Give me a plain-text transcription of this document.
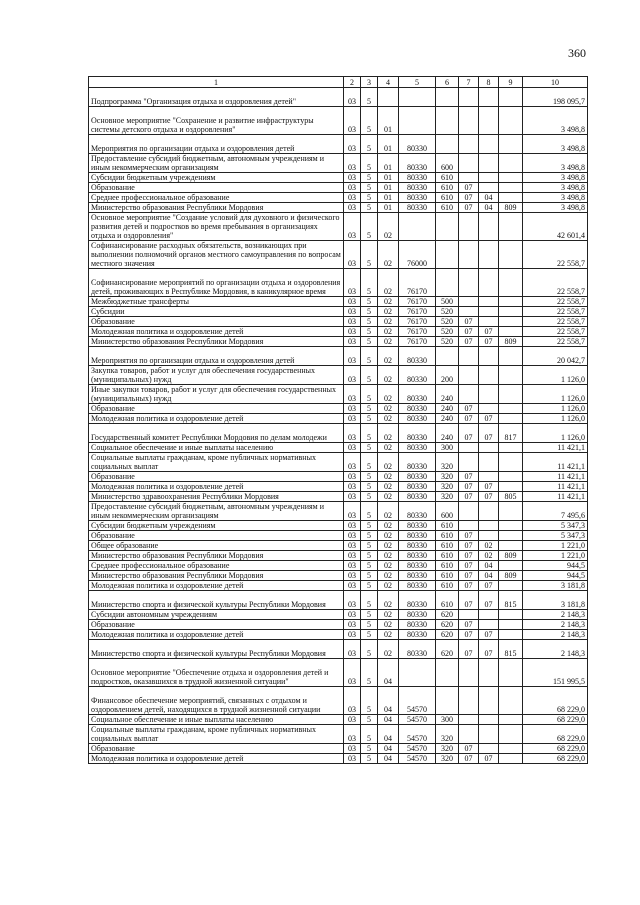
360
1	2	3	4	5	6	7	8	9	10
Подпрограмма "Организация отдыха и оздоровления детей"	03	5							198 095,7
Основное мероприятие "Сохранение и развитие инфраструктуры системы детского отдыха и оздоровления"	03	5	01						3 498,8
Мероприятия по организации отдыха и оздоровления детей	03	5	01	80330					3 498,8
Предоставление субсидий бюджетным, автономным учреждениям и иным некоммерческим организациям	03	5	01	80330	600				3 498,8
Субсидии бюджетным учреждениям	03	5	01	80330	610				3 498,8
Образование	03	5	01	80330	610	07			3 498,8
Среднее профессиональное образование	03	5	01	80330	610	07	04		3 498,8
Министерство образования Республики Мордовия	03	5	01	80330	610	07	04	809	3 498,8
Основное мероприятие "Создание условий для духовного и физического развития детей и подростков во время пребывания в организациях отдыха и оздоровления"	03	5	02						42 601,4
Софинансирование расходных обязательств, возникающих при выполнении полномочий органов местного самоуправления по вопросам местного значения	03	5	02	76000					22 558,7
Софинансирование мероприятий по организации отдыха и оздоровления детей, проживающих в Республике Мордовия, в каникулярное время	03	5	02	76170					22 558,7
Межбюджетные трансферты	03	5	02	76170	500				22 558,7
Субсидии	03	5	02	76170	520				22 558,7
Образование	03	5	02	76170	520	07			22 558,7
Молодежная политика и оздоровление детей	03	5	02	76170	520	07	07		22 558,7
Министерство образования Республики Мордовия	03	5	02	76170	520	07	07	809	22 558,7
Мероприятия по организации отдыха и оздоровления детей	03	5	02	80330					20 042,7
Закупка товаров, работ и услуг для обеспечения государственных (муниципальных) нужд	03	5	02	80330	200				1 126,0
Иные закупки товаров, работ и услуг для обеспечения государственных (муниципальных) нужд	03	5	02	80330	240				1 126,0
Образование	03	5	02	80330	240	07			1 126,0
Молодежная политика и оздоровление детей	03	5	02	80330	240	07	07		1 126,0
Государственный комитет Республики Мордовия по делам молодежи	03	5	02	80330	240	07	07	817	1 126,0
Социальное обеспечение и иные выплаты населению	03	5	02	80330	300				11 421,1
Социальные выплаты гражданам, кроме публичных нормативных социальных выплат	03	5	02	80330	320				11 421,1
Образование	03	5	02	80330	320	07			11 421,1
Молодежная политика и оздоровление детей	03	5	02	80330	320	07	07		11 421,1
Министерство здравоохранения Республики Мордовия	03	5	02	80330	320	07	07	805	11 421,1
Предоставление субсидий бюджетным, автономным учреждениям и иным некоммерческим организациям	03	5	02	80330	600				7 495,6
Субсидии бюджетным учреждениям	03	5	02	80330	610				5 347,3
Образование	03	5	02	80330	610	07			5 347,3
Общее образование	03	5	02	80330	610	07	02		1 221,0
Министерство образования Республики Мордовия	03	5	02	80330	610	07	02	809	1 221,0
Среднее профессиональное образование	03	5	02	80330	610	07	04		944,5
Министерство образования Республики Мордовия	03	5	02	80330	610	07	04	809	944,5
Молодежная политика и оздоровление детей	03	5	02	80330	610	07	07		3 181,8
Министерство спорта и физической культуры Республики Мордовия	03	5	02	80330	610	07	07	815	3 181,8
Субсидии автономным учреждениям	03	5	02	80330	620				2 148,3
Образование	03	5	02	80330	620	07			2 148,3
Молодежная политика и оздоровление детей	03	5	02	80330	620	07	07		2 148,3
Министерство спорта и физической культуры Республики Мордовия	03	5	02	80330	620	07	07	815	2 148,3
Основное мероприятие "Обеспечение отдыха и оздоровления детей и подростков, оказавшихся в трудной жизненной ситуации"	03	5	04						151 995,5
Финансовое обеспечение мероприятий, связанных с отдыхом и оздоровлением детей, находящихся в трудной жизненной ситуации	03	5	04	54570					68 229,0
Социальное обеспечение и иные выплаты населению	03	5	04	54570	300				68 229,0
Социальные выплаты гражданам, кроме публичных нормативных социальных выплат	03	5	04	54570	320				68 229,0
Образование	03	5	04	54570	320	07			68 229,0
Молодежная политика и оздоровление детей	03	5	04	54570	320	07	07		68 229,0
